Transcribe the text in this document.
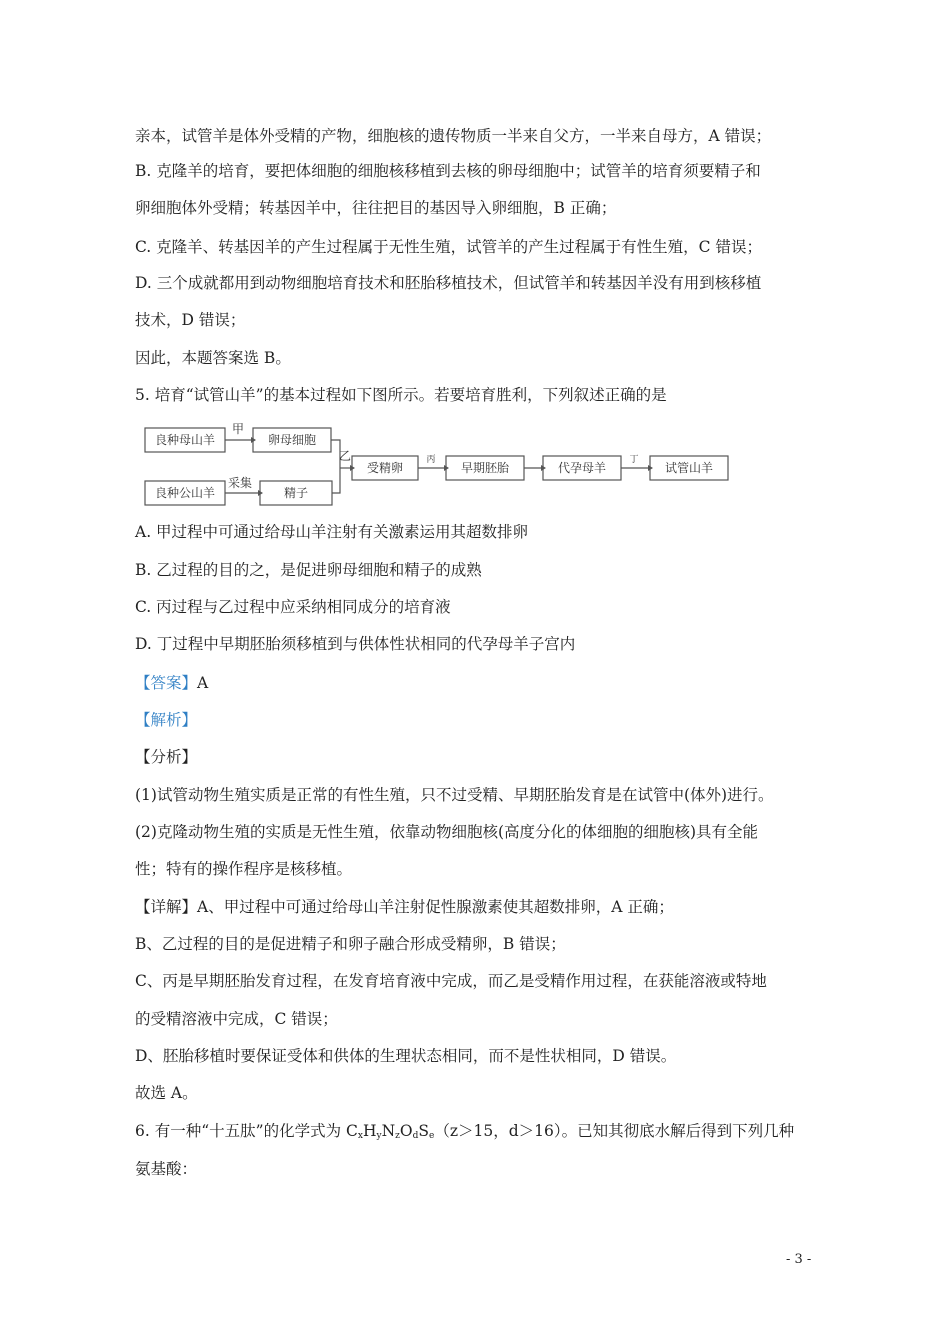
亲本，试管羊是体外受精的产物，细胞核的遗传物质一半来自父方，一半来自母方，A 错误；
B. 克隆羊的培育，要把体细胞的细胞核移植到去核的卵母细胞中；试管羊的培育须要精子和
卵细胞体外受精；转基因羊中，往往把目的基因导入卵细胞，B 正确；
C. 克隆羊、转基因羊的产生过程属于无性生殖，试管羊的产生过程属于有性生殖，C 错误；
D. 三个成就都用到动物细胞培育技术和胚胎移植技术，但试管羊和转基因羊没有用到核移植
技术，D 错误；
因此，本题答案选 B。
5. 培育“试管山羊”的基本过程如下图所示。若要培育胜利，下列叙述正确的是
良种母山羊
甲
卵母细胞
良种公山羊
采集
精子
乙
受精卵
丙
早期胚胎	代孕母羊
丁
试管山羊
A. 甲过程中可通过给母山羊注射有关激素运用其超数排卵
B. 乙过程的目的之，是促进卵母细胞和精子的成熟
C. 丙过程与乙过程中应采纳相同成分的培育液
D. 丁过程中早期胚胎须移植到与供体性状相同的代孕母羊子宫内
【答案】A
【解析】
【分析】
(1)试管动物生殖实质是正常的有性生殖，只不过受精、早期胚胎发育是在试管中(体外)进行。
(2)克隆动物生殖的实质是无性生殖，依靠动物细胞核(高度分化的体细胞的细胞核)具有全能
性；特有的操作程序是核移植。
【详解】A、甲过程中可通过给母山羊注射促性腺激素使其超数排卵，A 正确；
B、乙过程的目的是促进精子和卵子融合形成受精卵，B 错误；
C、丙是早期胚胎发育过程，在发育培育液中完成，而乙是受精作用过程，在获能溶液或特地
的受精溶液中完成，C 错误；
D、胚胎移植时要保证受体和供体的生理状态相同，而不是性状相同，D 错误。
故选 A。
6. 有一种“十五肽”的化学式为 $C_xH_yN_zO_dS_e(z>15$，d＞16）。已知其彻底水解后得到下列几种
氨基酸：
- 3 -
